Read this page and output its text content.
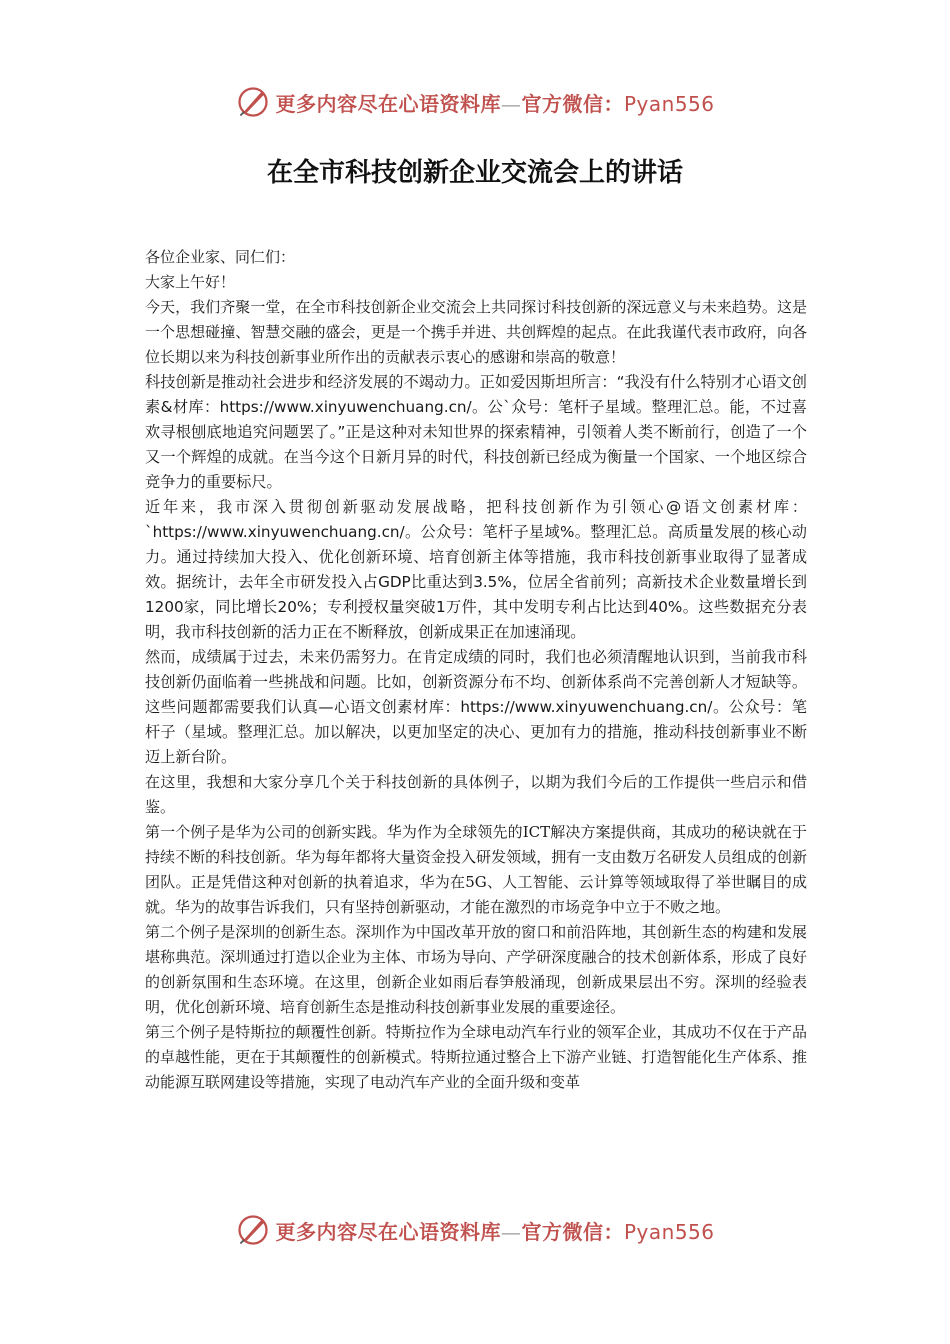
更多内容尽在心语资料库—官方微信：Pyan556
在全市科技创新企业交流会上的讲话

各位企业家、同仁们：

大家上午好！

今天，我们齐聚一堂，在全市科技创新企业交流会上共同探讨科技创新的深远意义与未来趋势。这是一个思想碰撞、智慧交融的盛会，更是一个携手并进、共创辉煌的起点。在此我谨代表市政府，向各位长期以来为科技创新事业所作出的贡献表示衷心的感谢和崇高的敬意！

科技创新是推动社会进步和经济发展的不竭动力。正如爱因斯坦所言：“我没有什么特别才心语文创素&材库：https://www.xinyuwenchuang.cn/。公`众号：笔杆子星域。整理汇总。能，不过喜欢寻根刨底地追究问题罢了。”正是这种对未知世界的探索精神，引领着人类不断前行，创造了一个又一个辉煌的成就。在当今这个日新月异的时代，科技创新已经成为衡量一个国家、一个地区综合竞争力的重要标尺。

近年来，我市深入贯彻创新驱动发展战略，把科技创新作为引领心@语文创素材库：`https://www.xinyuwenchuang.cn/。公众号：笔杆子星域%。整理汇总。高质量发展的核心动力。通过持续加大投入、优化创新环境、培育创新主体等措施，我市科技创新事业取得了显著成效。据统计，去年全市研发投入占GDP比重达到3.5%，位居全省前列；高新技术企业数量增长到1200家，同比增长20%；专利授权量突破1万件，其中发明专利占比达到40%。这些数据充分表明，我市科技创新的活力正在不断释放，创新成果正在加速涌现。

然而，成绩属于过去，未来仍需努力。在肯定成绩的同时，我们也必须清醒地认识到，当前我市科技创新仍面临着一些挑战和问题。比如，创新资源分布不均、创新体系尚不完善创新人才短缺等。这些问题都需要我们认真—心语文创素材库：https://www.xinyuwenchuang.cn/。公众号：笔杆子（星域。整理汇总。加以解决，以更加坚定的决心、更加有力的措施，推动科技创新事业不断迈上新台阶。

在这里，我想和大家分享几个关于科技创新的具体例子，以期为我们今后的工作提供一些启示和借鉴。

第一个例子是华为公司的创新实践。华为作为全球领先的ICT解决方案提供商，其成功的秘诀就在于持续不断的科技创新。华为每年都将大量资金投入研发领域，拥有一支由数万名研发人员组成的创新团队。正是凭借这种对创新的执着追求，华为在5G、人工智能、云计算等领域取得了举世瞩目的成就。华为的故事告诉我们，只有坚持创新驱动，才能在激烈的市场竞争中立于不败之地。

第二个例子是深圳的创新生态。深圳作为中国改革开放的窗口和前沿阵地，其创新生态的构建和发展堪称典范。深圳通过打造以企业为主体、市场为导向、产学研深度融合的技术创新体系，形成了良好的创新氛围和生态环境。在这里，创新企业如雨后春笋般涌现，创新成果层出不穷。深圳的经验表明，优化创新环境、培育创新生态是推动科技创新事业发展的重要途径。

第三个例子是特斯拉的颠覆性创新。特斯拉作为全球电动汽车行业的领军企业，其成功不仅在于产品的卓越性能，更在于其颠覆性的创新模式。特斯拉通过整合上下游产业链、打造智能化生产体系、推动能源互联网建设等措施，实现了电动汽车产业的全面升级和变革

更多内容尽在心语资料库—官方微信：Pyan556
